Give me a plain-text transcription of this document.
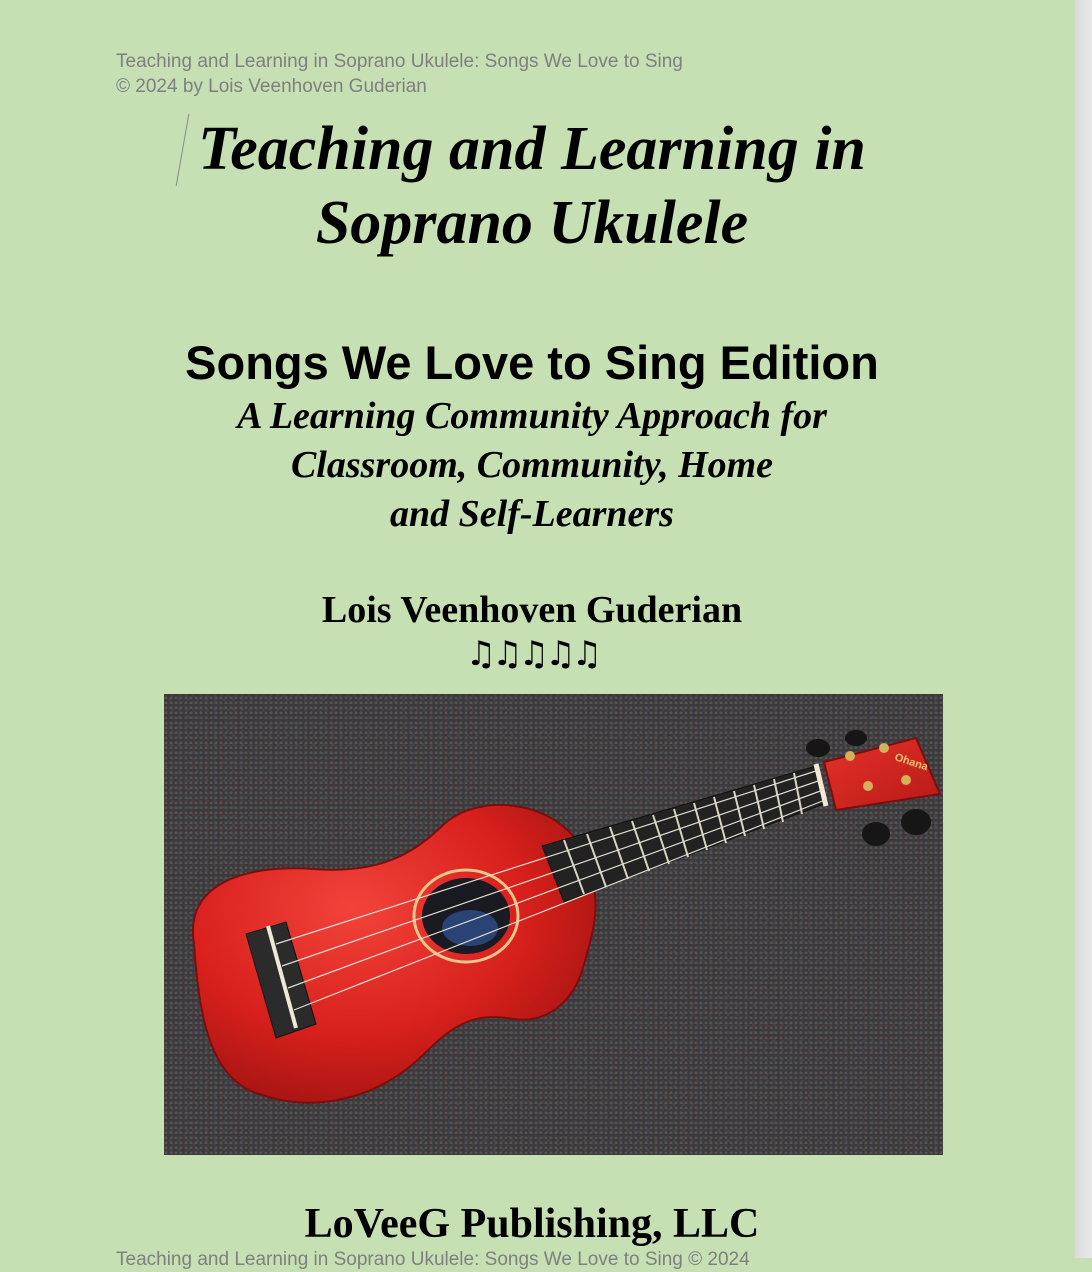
Teaching and Learning in Soprano Ukulele: Songs We Love to Sing
© 2024 by Lois Veenhoven Guderian
Teaching and Learning in
Soprano Ukulele
Songs We Love to Sing Edition
A Learning Community Approach for
Classroom, Community, Home
and Self-Learners
Lois Veenhoven Guderian
♫♫♫♫♫
Ohana
LoVeeG Publishing, LLC
Teaching and Learning in Soprano Ukulele: Songs We Love to Sing © 2024
